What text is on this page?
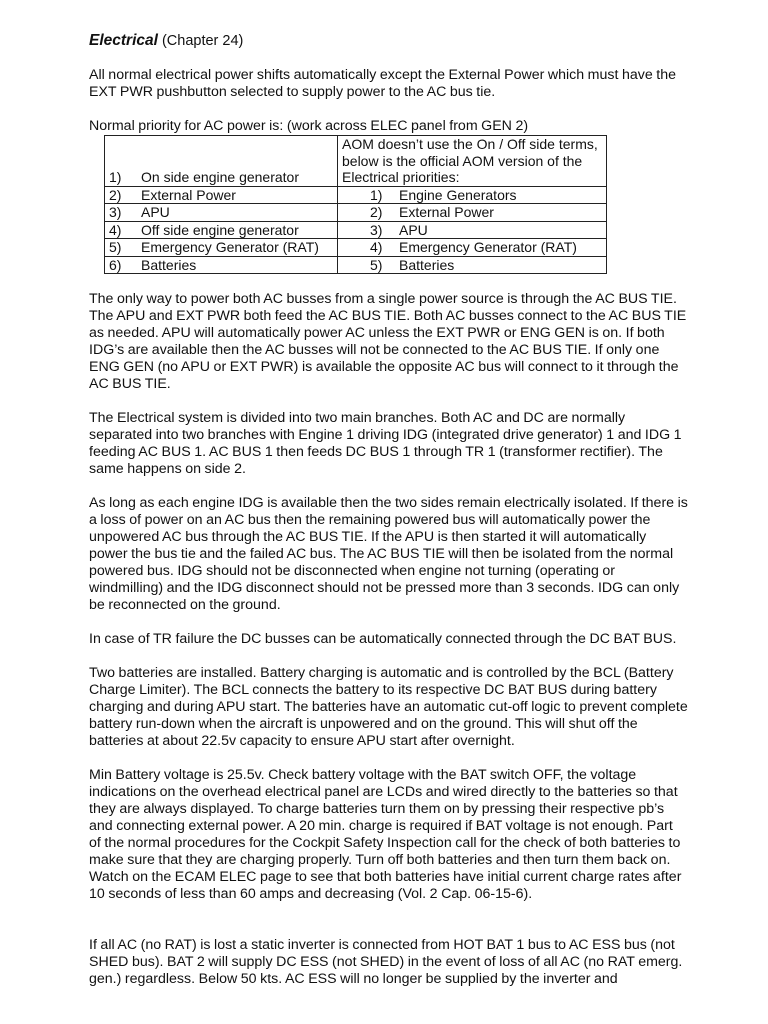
Electrical (Chapter 24)

All normal electrical power shifts automatically except the External Power which must have the EXT PWR pushbutton selected to supply power to the AC bus tie.

Normal priority for AC power is: (work across ELEC panel from GEN 2)

1) On side engine generator	AOM doesn’t use the On / Off side terms, below is the official AOM version of the Electrical priorities:
2) External Power	1) Engine Generators
3) APU	2) External Power
4) Off side engine generator	3) APU
5) Emergency Generator (RAT)	4) Emergency Generator (RAT)
6) Batteries	5) Batteries

The only way to power both AC busses from a single power source is through the AC BUS TIE. The APU and EXT PWR both feed the AC BUS TIE. Both AC busses connect to the AC BUS TIE as needed. APU will automatically power AC unless the EXT PWR or ENG GEN is on. If both IDG’s are available then the AC busses will not be connected to the AC BUS TIE. If only one ENG GEN (no APU or EXT PWR) is available the opposite AC bus will connect to it through the AC BUS TIE.

The Electrical system is divided into two main branches. Both AC and DC are normally separated into two branches with Engine 1 driving IDG (integrated drive generator) 1 and IDG 1 feeding AC BUS 1. AC BUS 1 then feeds DC BUS 1 through TR 1 (transformer rectifier). The same happens on side 2.

As long as each engine IDG is available then the two sides remain electrically isolated. If there is a loss of power on an AC bus then the remaining powered bus will automatically power the unpowered AC bus through the AC BUS TIE. If the APU is then started it will automatically power the bus tie and the failed AC bus. The AC BUS TIE will then be isolated from the normal powered bus. IDG should not be disconnected when engine not turning (operating or windmilling) and the IDG disconnect should not be pressed more than 3 seconds. IDG can only be reconnected on the ground.

In case of TR failure the DC busses can be automatically connected through the DC BAT BUS.

Two batteries are installed. Battery charging is automatic and is controlled by the BCL (Battery Charge Limiter). The BCL connects the battery to its respective DC BAT BUS during battery charging and during APU start. The batteries have an automatic cut-off logic to prevent complete battery run-down when the aircraft is unpowered and on the ground. This will shut off the batteries at about 22.5v capacity to ensure APU start after overnight.

Min Battery voltage is 25.5v. Check battery voltage with the BAT switch OFF, the voltage indications on the overhead electrical panel are LCDs and wired directly to the batteries so that they are always displayed. To charge batteries turn them on by pressing their respective pb’s and connecting external power. A 20 min. charge is required if BAT voltage is not enough. Part of the normal procedures for the Cockpit Safety Inspection call for the check of both batteries to make sure that they are charging properly. Turn off both batteries and then turn them back on. Watch on the ECAM ELEC page to see that both batteries have initial current charge rates after 10 seconds of less than 60 amps and decreasing (Vol. 2 Cap. 06-15-6).

If all AC (no RAT) is lost a static inverter is connected from HOT BAT 1 bus to AC ESS bus (not SHED bus). BAT 2 will supply DC ESS (not SHED) in the event of loss of all AC (no RAT emerg. gen.) regardless. Below 50 kts. AC ESS will no longer be supplied by the inverter and
